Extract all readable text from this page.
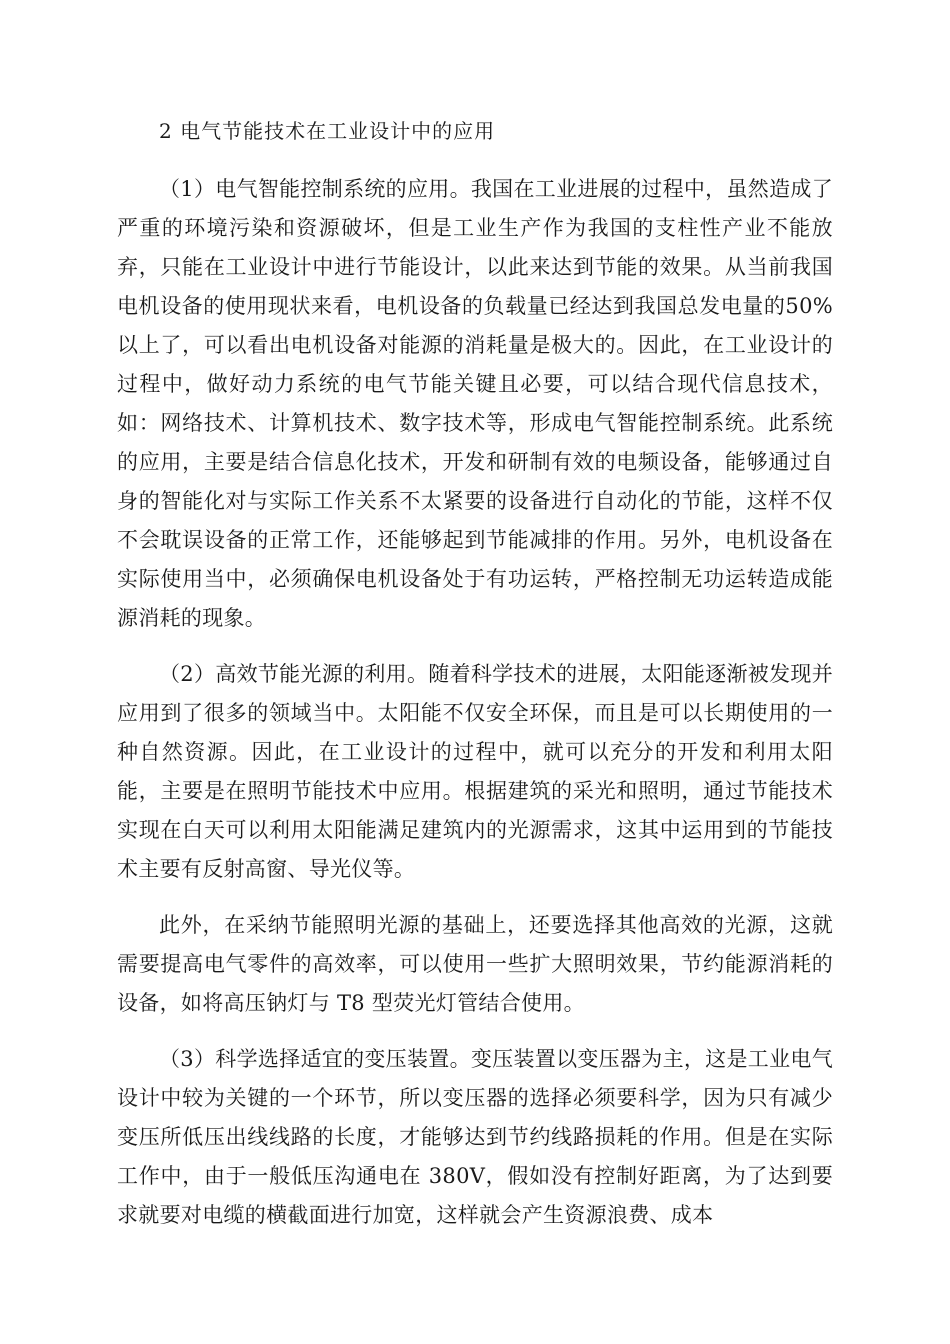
2 电气节能技术在工业设计中的应用

（1）电气智能控制系统的应用。我国在工业进展的过程中，虽然造成了严重的环境污染和资源破坏，但是工业生产作为我国的支柱性产业不能放弃，只能在工业设计中进行节能设计，以此来达到节能的效果。从当前我国电机设备的使用现状来看，电机设备的负载量已经达到我国总发电量的50%以上了，可以看出电机设备对能源的消耗量是极大的。因此，在工业设计的过程中，做好动力系统的电气节能关键且必要，可以结合现代信息技术，如：网络技术、计算机技术、数字技术等，形成电气智能控制系统。此系统的应用，主要是结合信息化技术，开发和研制有效的电频设备，能够通过自身的智能化对与实际工作关系不太紧要的设备进行自动化的节能，这样不仅不会耽误设备的正常工作，还能够起到节能减排的作用。另外，电机设备在实际使用当中，必须确保电机设备处于有功运转，严格控制无功运转造成能源消耗的现象。

（2）高效节能光源的利用。随着科学技术的进展，太阳能逐渐被发现并应用到了很多的领域当中。太阳能不仅安全环保，而且是可以长期使用的一种自然资源。因此，在工业设计的过程中，就可以充分的开发和利用太阳能，主要是在照明节能技术中应用。根据建筑的采光和照明，通过节能技术实现在白天可以利用太阳能满足建筑内的光源需求，这其中运用到的节能技术主要有反射高窗、导光仪等。

此外，在采纳节能照明光源的基础上，还要选择其他高效的光源，这就需要提高电气零件的高效率，可以使用一些扩大照明效果，节约能源消耗的设备，如将高压钠灯与 T8 型荧光灯管结合使用。

（3）科学选择适宜的变压装置。变压装置以变压器为主，这是工业电气设计中较为关键的一个环节，所以变压器的选择必须要科学，因为只有减少变压所低压出线线路的长度，才能够达到节约线路损耗的作用。但是在实际工作中，由于一般低压沟通电在 380V，假如没有控制好距离，为了达到要求就要对电缆的横截面进行加宽，这样就会产生资源浪费、成本
